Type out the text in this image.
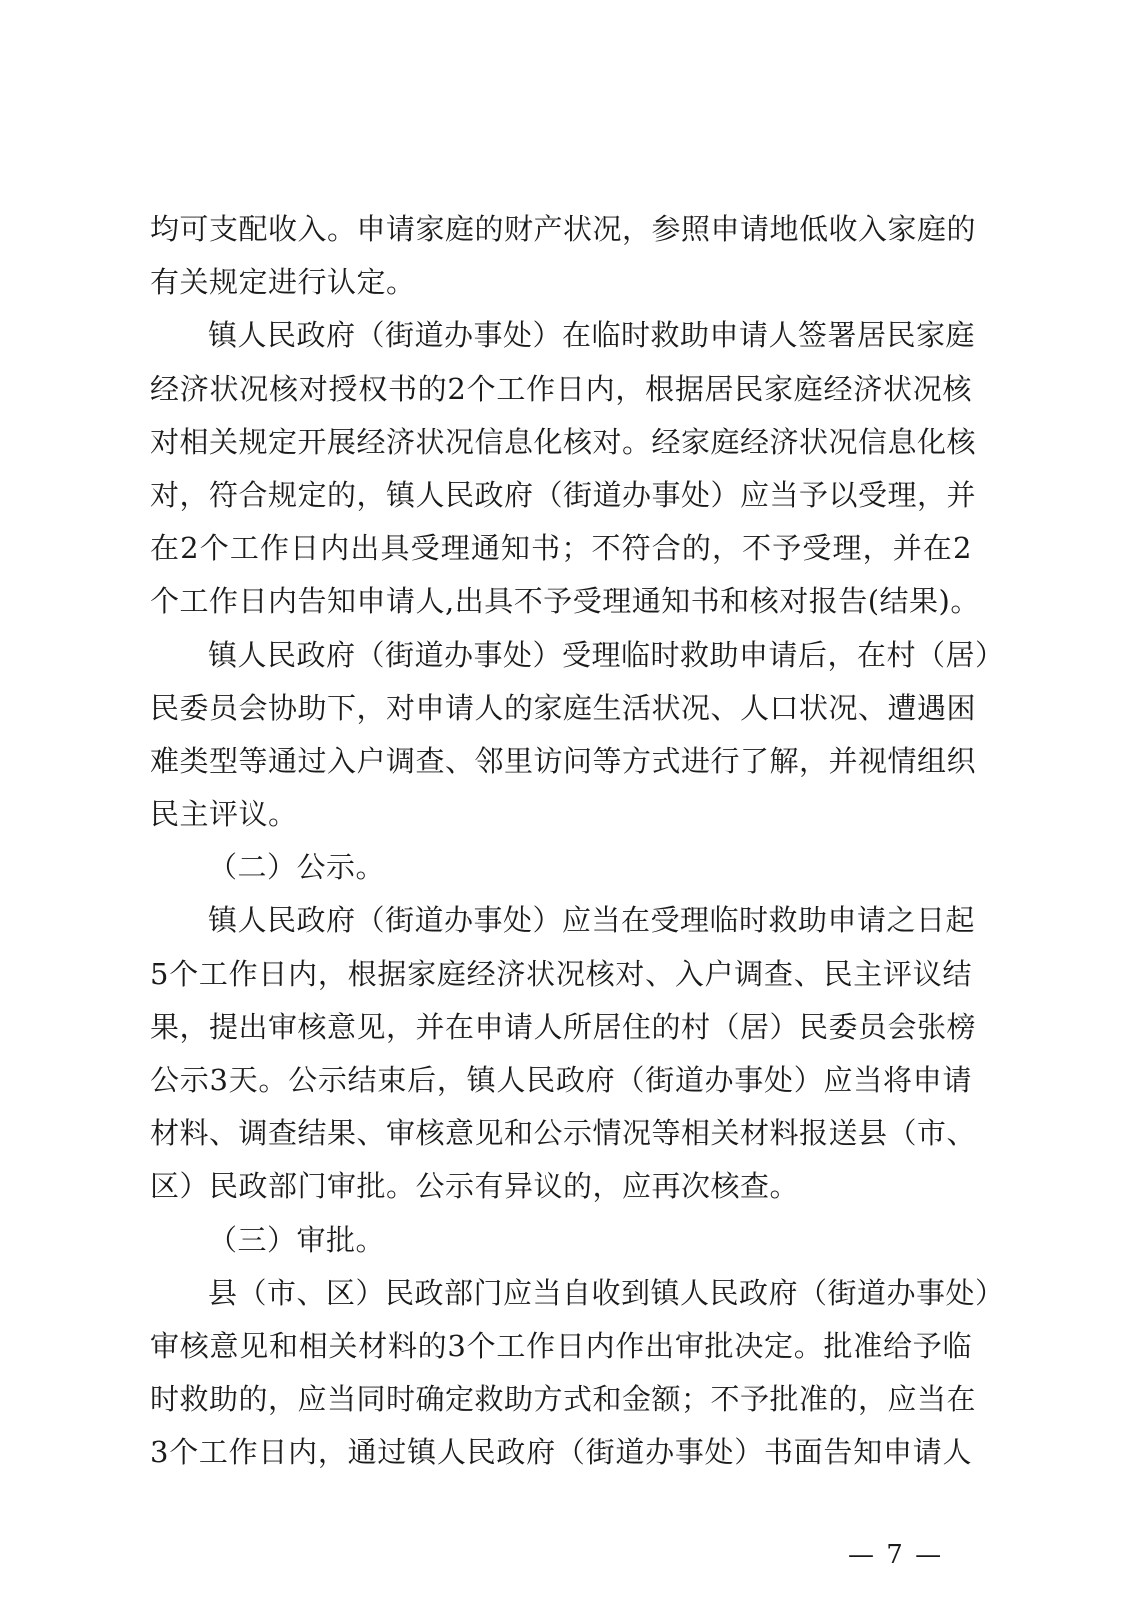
均可支配收入。申请家庭的财产状况，参照申请地低收入家庭的
有关规定进行认定。
镇人民政府（街道办事处）在临时救助申请人签署居民家庭
经济状况核对授权书的2个工作日内，根据居民家庭经济状况核
对相关规定开展经济状况信息化核对。经家庭经济状况信息化核
对，符合规定的，镇人民政府（街道办事处）应当予以受理，并
在2个工作日内出具受理通知书；不符合的，不予受理，并在2
个工作日内告知申请人,出具不予受理通知书和核对报告(结果)。
镇人民政府（街道办事处）受理临时救助申请后，在村（居）
民委员会协助下，对申请人的家庭生活状况、人口状况、遭遇困
难类型等通过入户调查、邻里访问等方式进行了解，并视情组织
民主评议。
（二）公示。
镇人民政府（街道办事处）应当在受理临时救助申请之日起
5个工作日内，根据家庭经济状况核对、入户调查、民主评议结
果，提出审核意见，并在申请人所居住的村（居）民委员会张榜
公示3天。公示结束后，镇人民政府（街道办事处）应当将申请
材料、调查结果、审核意见和公示情况等相关材料报送县（市、
区）民政部门审批。公示有异议的，应再次核查。
（三）审批。
县（市、区）民政部门应当自收到镇人民政府（街道办事处）
审核意见和相关材料的3个工作日内作出审批决定。批准给予临
时救助的，应当同时确定救助方式和金额；不予批准的，应当在
3个工作日内，通过镇人民政府（街道办事处）书面告知申请人
— 7 —
